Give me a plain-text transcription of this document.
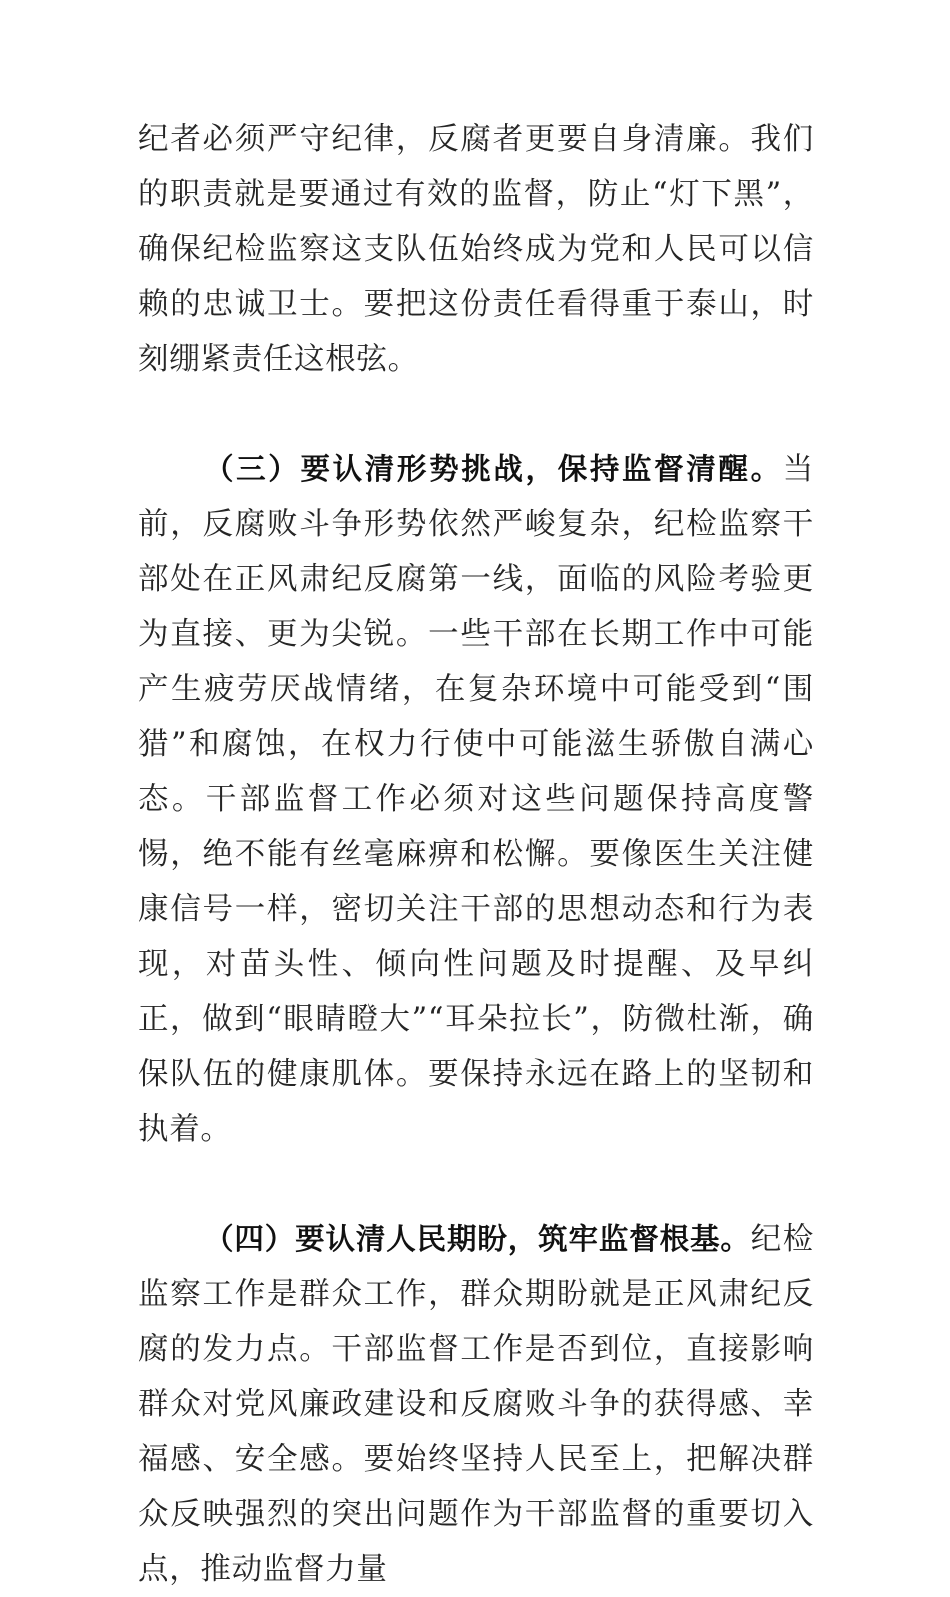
纪者必须严守纪律，反腐者更要自身清廉。我们的职责就是要通过有效的监督，防止“灯下黑”，确保纪检监察这支队伍始终成为党和人民可以信赖的忠诚卫士。要把这份责任看得重于泰山，时刻绷紧责任这根弦。

（三）要认清形势挑战，保持监督清醒。当前，反腐败斗争形势依然严峻复杂，纪检监察干部处在正风肃纪反腐第一线，面临的风险考验更为直接、更为尖锐。一些干部在长期工作中可能产生疲劳厌战情绪，在复杂环境中可能受到“围猎”和腐蚀，在权力行使中可能滋生骄傲自满心态。干部监督工作必须对这些问题保持高度警惕，绝不能有丝毫麻痹和松懈。要像医生关注健康信号一样，密切关注干部的思想动态和行为表现，对苗头性、倾向性问题及时提醒、及早纠正，做到“眼睛瞪大”“耳朵拉长”，防微杜渐，确保队伍的健康肌体。要保持永远在路上的坚韧和执着。

（四）要认清人民期盼，筑牢监督根基。纪检监察工作是群众工作，群众期盼就是正风肃纪反腐的发力点。干部监督工作是否到位，直接影响群众对党风廉政建设和反腐败斗争的获得感、幸福感、安全感。要始终坚持人民至上，把解决群众反映强烈的突出问题作为干部监督的重要切入点，推动监督力量
